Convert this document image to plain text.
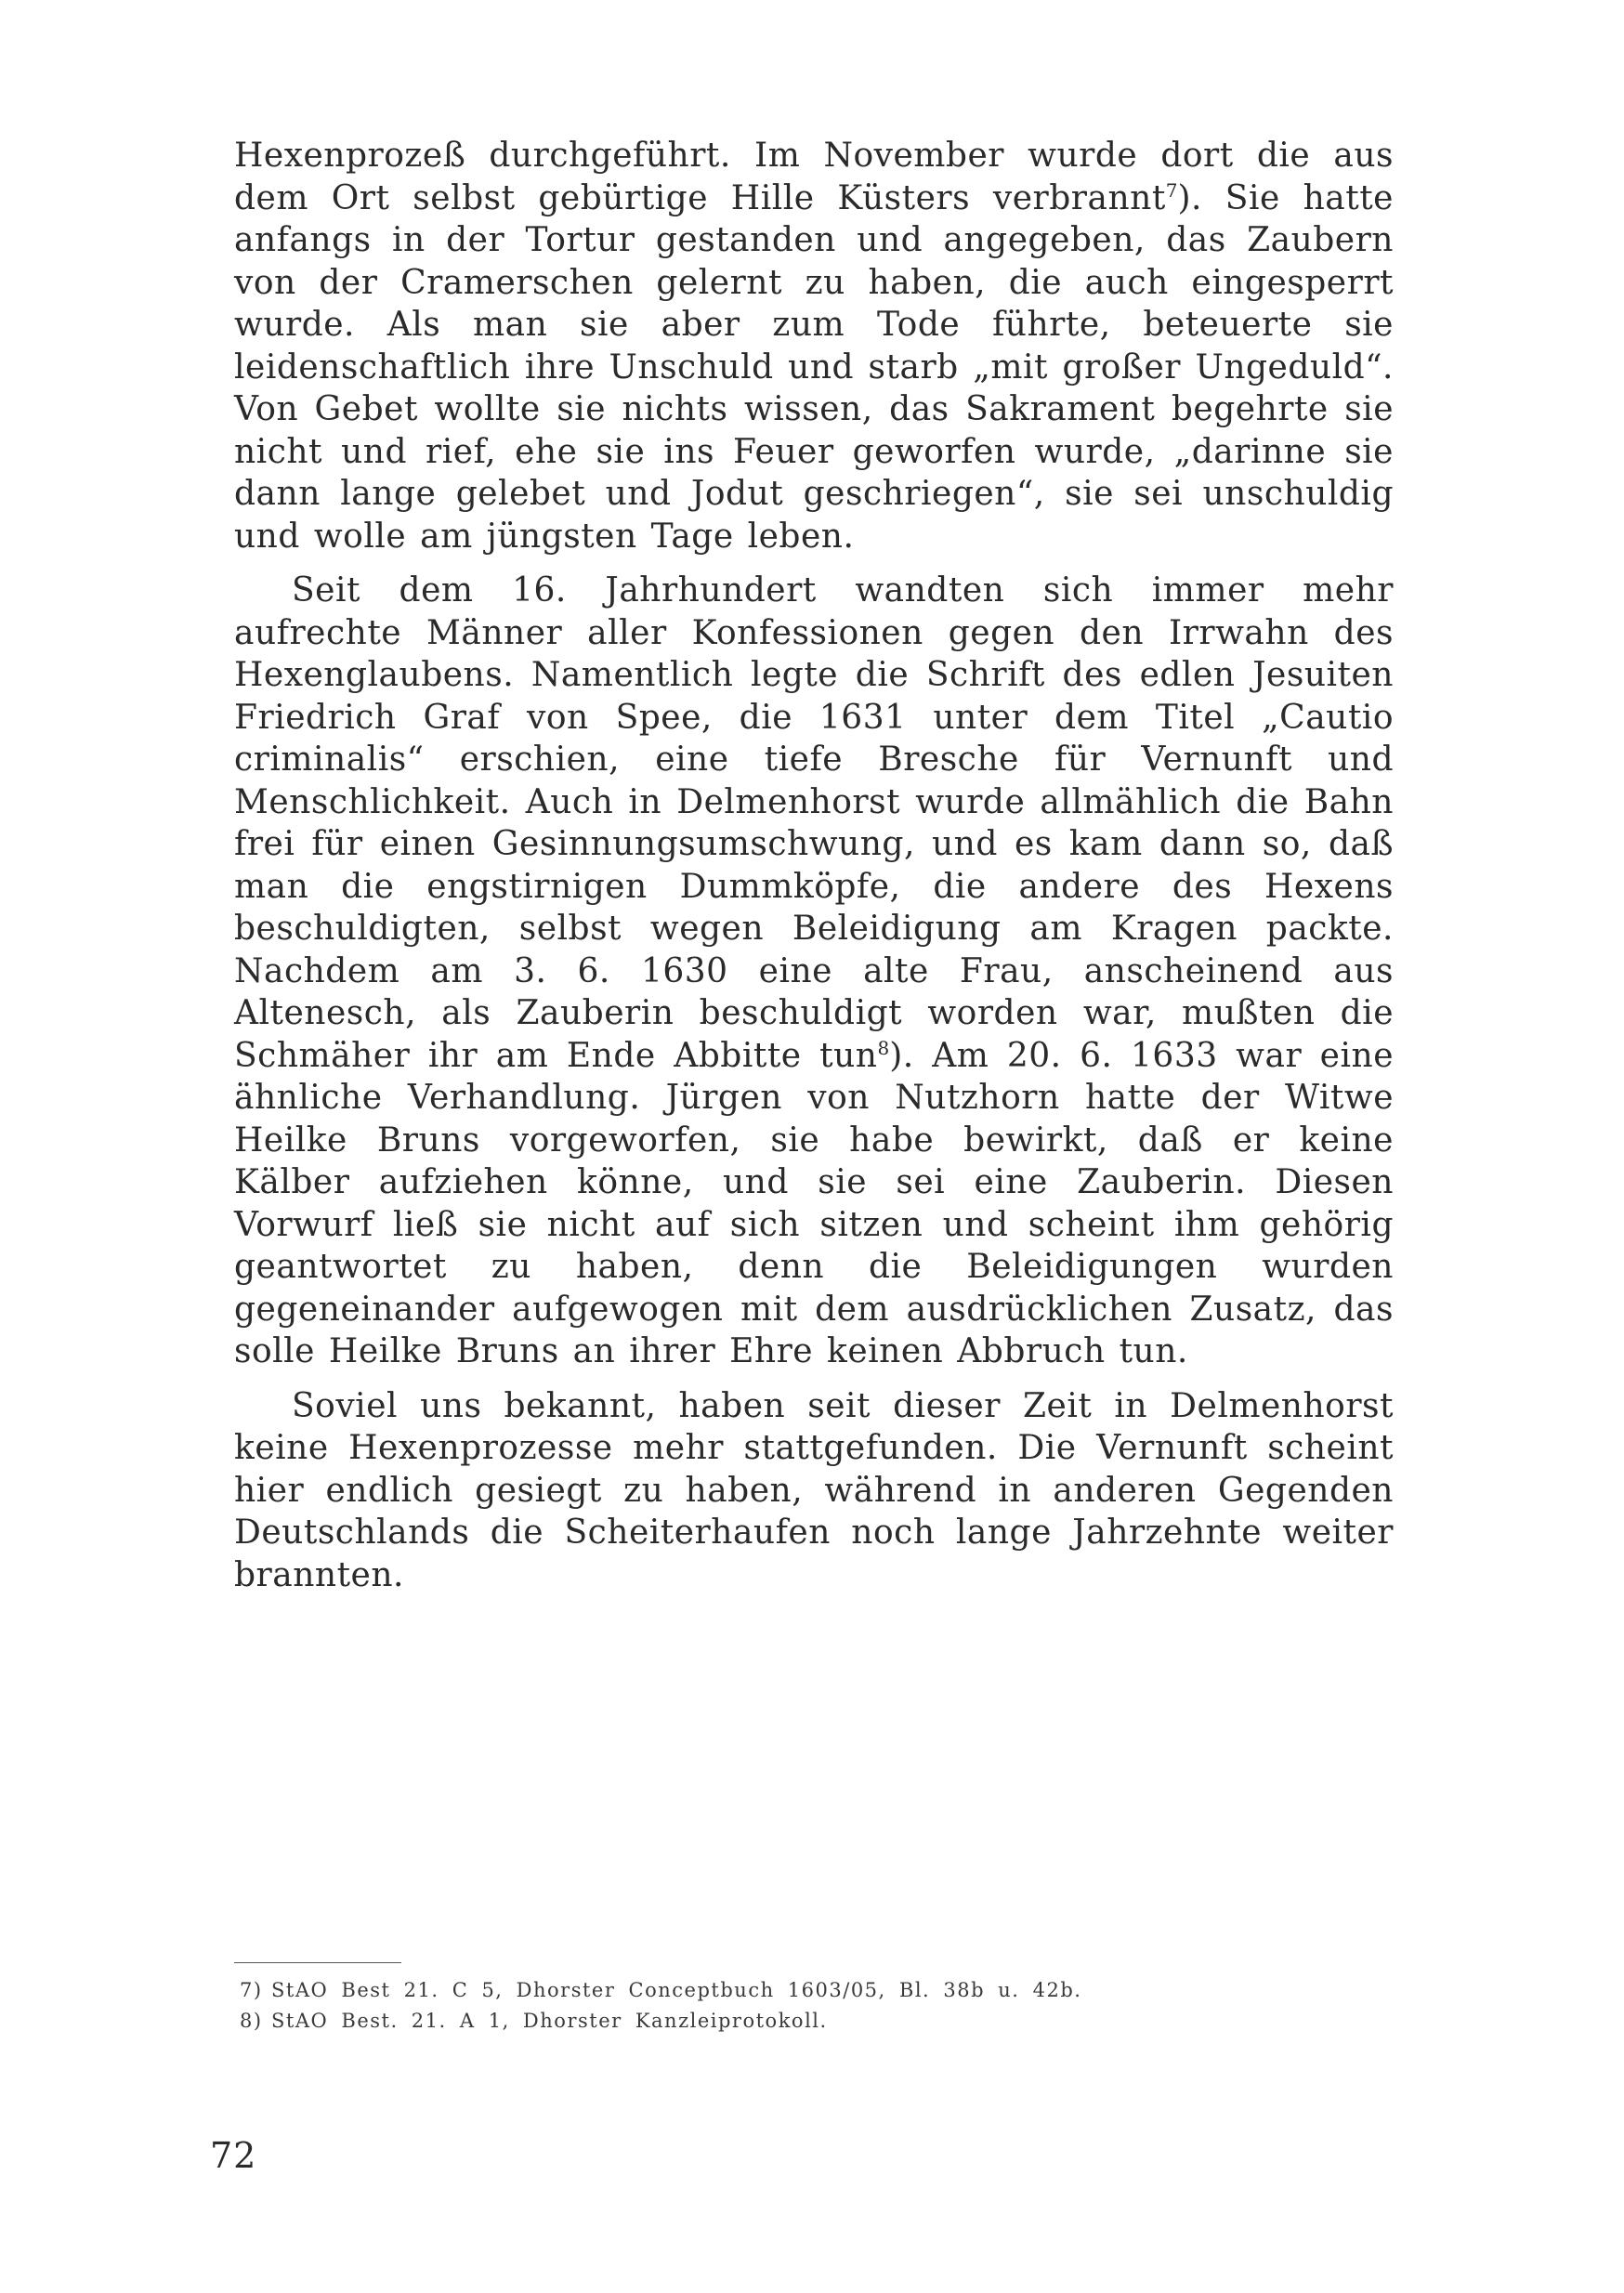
Hexenprozeß durchgeführt. Im November wurde dort die aus dem Ort selbst gebürtige Hille Küsters verbrannt$^7$). Sie hatte anfangs in der Tortur gestanden und angegeben, das Zaubern von der Cramerschen gelernt zu haben, die auch eingesperrt wurde. Als man sie aber zum Tode führte, beteuerte sie leidenschaftlich ihre Unschuld und starb „mit großer Ungeduld“. Von Gebet wollte sie nichts wissen, das Sakrament begehrte sie nicht und rief, ehe sie ins Feuer geworfen wurde, „darinne sie dann lange gelebet und Jodut geschriegen“, sie sei unschuldig und wolle am jüngsten Tage leben.

Seit dem 16. Jahrhundert wandten sich immer mehr aufrechte Männer aller Konfessionen gegen den Irrwahn des Hexenglaubens. Namentlich legte die Schrift des edlen Jesuiten Friedrich Graf von Spee, die 1631 unter dem Titel „Cautio criminalis“ erschien, eine tiefe Bresche für Vernunft und Menschlichkeit. Auch in Delmenhorst wurde allmählich die Bahn frei für einen Gesinnungsumschwung, und es kam dann so, daß man die engstirnigen Dummköpfe, die andere des Hexens beschuldigten, selbst wegen Beleidigung am Kragen packte. Nachdem am 3. 6. 1630 eine alte Frau, anscheinend aus Altenesch, als Zauberin beschuldigt worden war, mußten die Schmäher ihr am Ende Abbitte tun$^8$). Am 20. 6. 1633 war eine ähnliche Verhandlung. Jürgen von Nutzhorn hatte der Witwe Heilke Bruns vorgeworfen, sie habe bewirkt, daß er keine Kälber aufziehen könne, und sie sei eine Zauberin. Diesen Vorwurf ließ sie nicht auf sich sitzen und scheint ihm gehörig geantwortet zu haben, denn die Beleidigungen wurden gegeneinander aufgewogen mit dem ausdrücklichen Zusatz, das solle Heilke Bruns an ihrer Ehre keinen Abbruch tun.

Soviel uns bekannt, haben seit dieser Zeit in Delmenhorst keine Hexenprozesse mehr stattgefunden. Die Vernunft scheint hier endlich gesiegt zu haben, während in anderen Gegenden Deutschlands die Scheiterhaufen noch lange Jahrzehnte weiter brannten.

7) StAO Best 21. C 5, Dhorster Conceptbuch 1603/05, Bl. 38b u. 42b.
8) StAO Best. 21. A 1, Dhorster Kanzleiprotokoll.
72
